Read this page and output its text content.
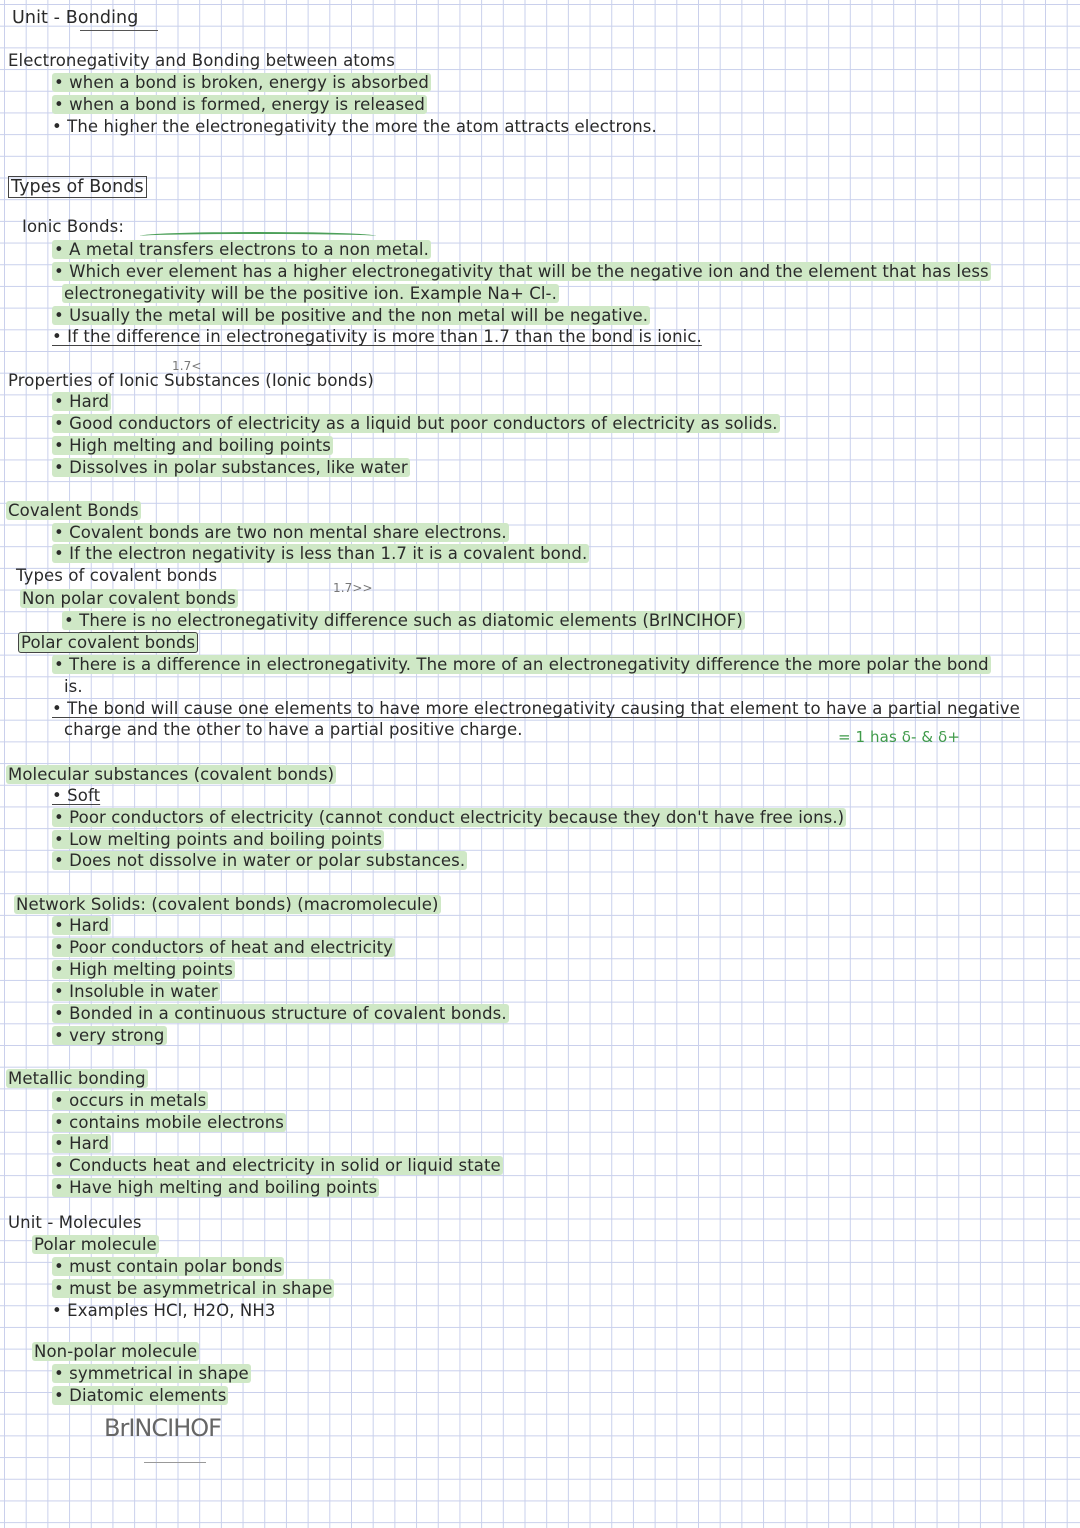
Unit - Bonding
Electronegativity and Bonding between atoms
• when a bond is broken, energy is absorbed
• when a bond is formed, energy is released
• The higher the electronegativity the more the atom attracts electrons.
Types of Bonds
Ionic Bonds:
• A metal transfers electrons to a non metal.
• Which ever element has a higher electronegativity that will be the negative ion and the element that has less
electronegativity will be the positive ion. Example Na+ Cl-.
• Usually the metal will be positive and the non metal will be negative.
• If the difference in electronegativity is more than 1.7 than the bond is ionic.
1.7<
Properties of Ionic Substances (Ionic bonds)
• Hard
• Good conductors of electricity as a liquid but poor conductors of electricity as solids.
• High melting and boiling points
• Dissolves in polar substances, like water
Covalent Bonds
• Covalent bonds are two non mental share electrons.
• If the electron negativity is less than 1.7 it is a covalent bond.
Types of covalent bonds
1.7>>
Non polar covalent bonds
• There is no electronegativity difference such as diatomic elements (BrINCIHOF)
Polar covalent bonds
• There is a difference in electronegativity. The more of an electronegativity difference the more polar the bond
is.
• The bond will cause one elements to have more electronegativity causing that element to have a partial negative
charge and the other to have a partial positive charge.	= 1 has δ- & δ+
Molecular substances (covalent bonds)
• Soft
• Poor conductors of electricity (cannot conduct electricity because they don't have free ions.)
• Low melting points and boiling points
• Does not dissolve in water or polar substances.
Network Solids: (covalent bonds) (macromolecule)
• Hard
• Poor conductors of heat and electricity
• High melting points
• Insoluble in water
• Bonded in a continuous structure of covalent bonds.
• very strong
Metallic bonding
• occurs in metals
• contains mobile electrons
• Hard
• Conducts heat and electricity in solid or liquid state
• Have high melting and boiling points
Unit - Molecules
Polar molecule
• must contain polar bonds
• must be asymmetrical in shape
• Examples HCl, H2O, NH3
Non-polar molecule
• symmetrical in shape
• Diatomic elements
BrINCIHOF
